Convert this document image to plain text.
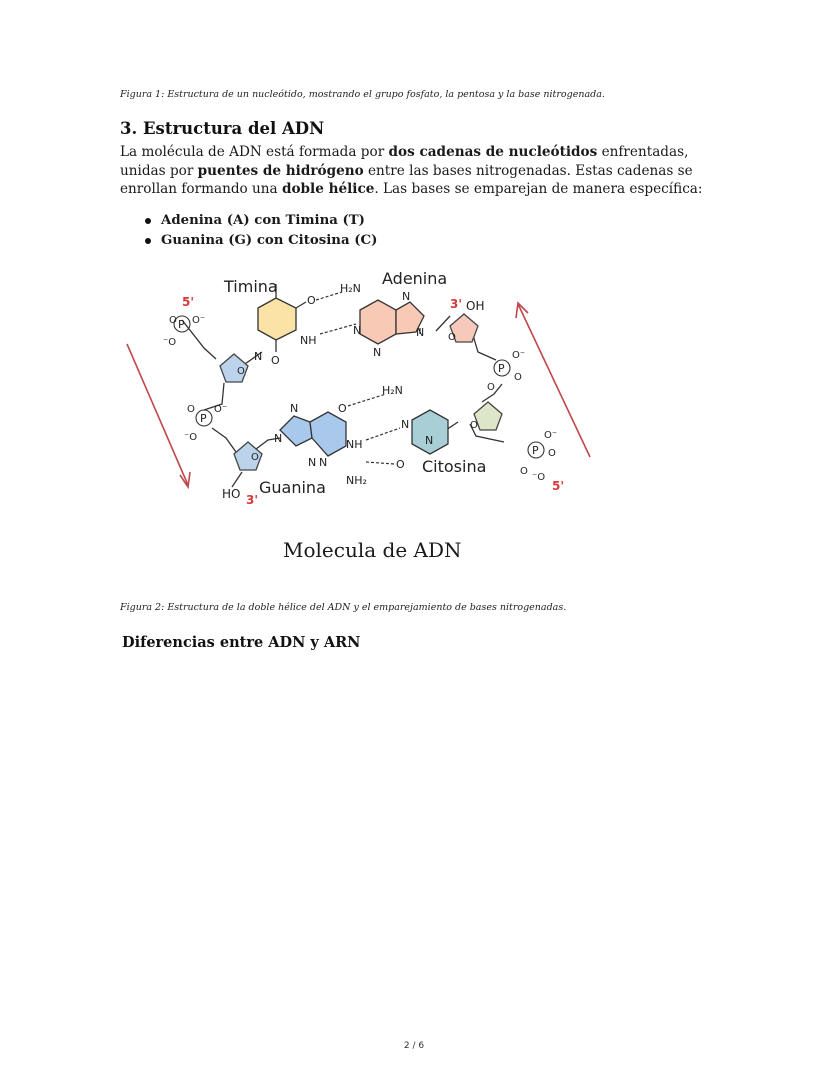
Figura 1: Estructura de un nucleótido, mostrando el grupo fosfato, la pentosa y la base nitrogenada.
3. Estructura del ADN

La molécula de ADN está formada por dos cadenas de nucleótidos enfrentadas, unidas por puentes de hidrógeno entre las bases nitrogenadas. Estas cadenas se enrollan formando una doble hélice. Las bases se emparejan de manera específica:

Adenina (A) con Timina (T)
Guanina (G) con Citosina (C)
O
O
O
O
O
O
NH
N
N
N
N
N
N
N
N N
NH
O
N
N
O
H₂N
H₂N
NH₂
P
O O⁻
⁻O
P
O O⁻
⁻O
P
O⁻
O
O
P
O⁻
O
O
⁻O
Timina	Adenina
Guanina
Citosina
5'	3' OH
HO 3'
5'
Molecula de ADN
Figura 2: Estructura de la doble hélice del ADN y el emparejamiento de bases nitrogenadas.
Diferencias entre ADN y ARN
2 / 6
